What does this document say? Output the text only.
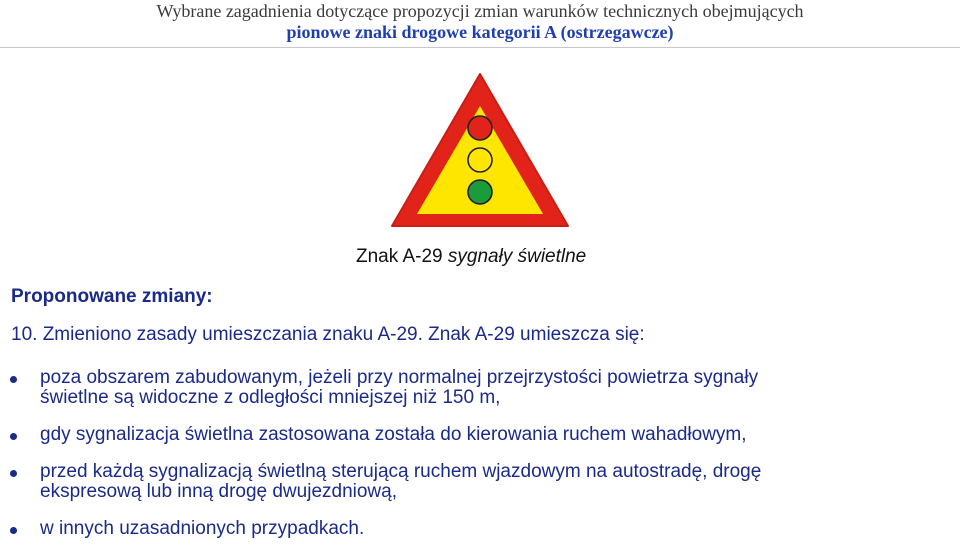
Wybrane zagadnienia dotyczące propozycji zmian warunków technicznych obejmujących
pionowe znaki drogowe kategorii A (ostrzegawcze)
Znak A-29 sygnały świetlne
Proponowane zmiany:
10. Zmieniono zasady umieszczania znaku A-29. Znak A-29 umieszcza się:
poza obszarem zabudowanym, jeżeli przy normalnej przejrzystości powietrza sygnały
świetlne są widoczne z odległości mniejszej niż 150 m,
gdy sygnalizacja świetlna zastosowana została do kierowania ruchem wahadłowym,
przed każdą sygnalizacją świetlną sterującą ruchem wjazdowym na autostradę, drogę
ekspresową lub inną drogę dwujezdniową,
w innych uzasadnionych przypadkach.
